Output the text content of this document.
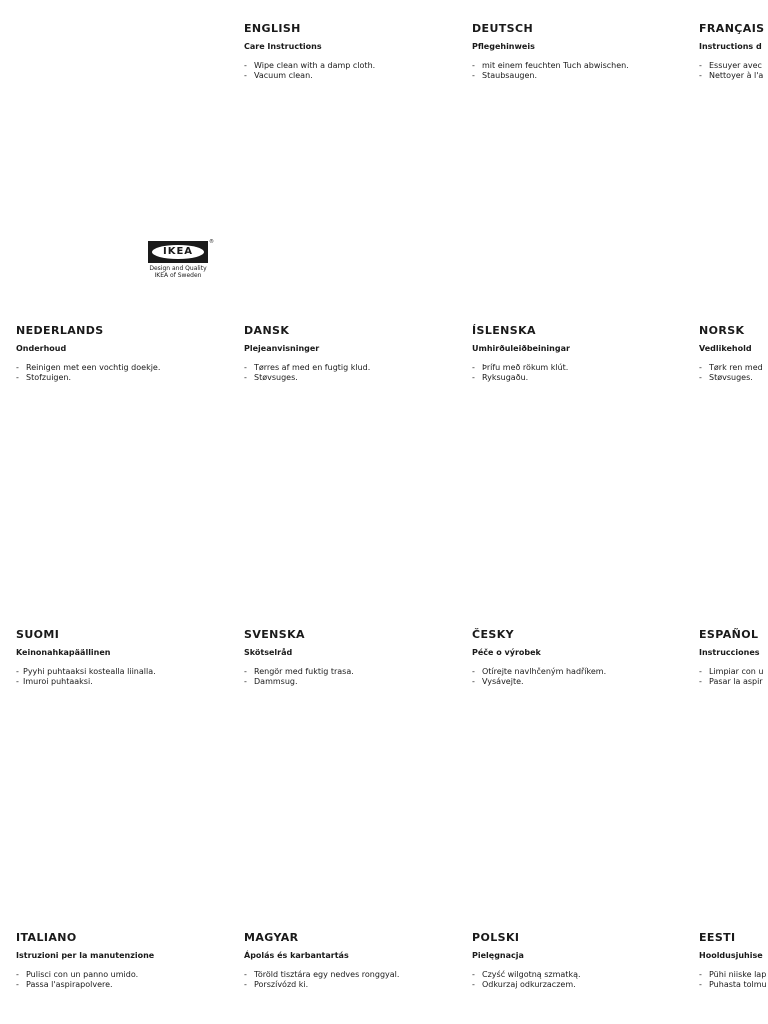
IKEA
®
Design and Quality
IKEA of Sweden
ENGLISH
Care Instructions
- Wipe clean with a damp cloth.
- Vacuum clean.
DEUTSCH
Pflegehinweis
- mit einem feuchten Tuch abwischen.
- Staubsaugen.
FRANÇAIS
Instructions d
- Essuyer avec
- Nettoyer à l'a
NEDERLANDS
Onderhoud
- Reinigen met een vochtig doekje.
- Stofzuigen.
DANSK
Plejeanvisninger
- Tørres af med en fugtig klud.
- Støvsuges.
ÍSLENSKA
Umhirðuleiðbeiningar
- Þrífu með rökum klút.
- Ryksugaðu.
NORSK
Vedlikehold
- Tørk ren med
- Støvsuges.
SUOMI
Keinonahkapäällinen
- Pyyhi puhtaaksi kostealla liinalla.
- Imuroi puhtaaksi.
SVENSKA
Skötselråd
- Rengör med fuktig trasa.
- Dammsug.
ČESKY
Péče o výrobek
- Otírejte navlhčeným hadříkem.
- Vysávejte.
ESPAÑOL
Instrucciones
- Limpiar con u
- Pasar la aspir
ITALIANO
Istruzioni per la manutenzione
- Pulisci con un panno umido.
- Passa l'aspirapolvere.
MAGYAR
Ápolás és karbantartás
- Töröld tisztára egy nedves ronggyal.
- Porszívózd ki.
POLSKI
Pielęgnacja
- Czyść wilgotną szmatką.
- Odkurzaj odkurzaczem.
EESTI
Hooldusjuhise
- Pühi niiske lap
- Puhasta tolmu
